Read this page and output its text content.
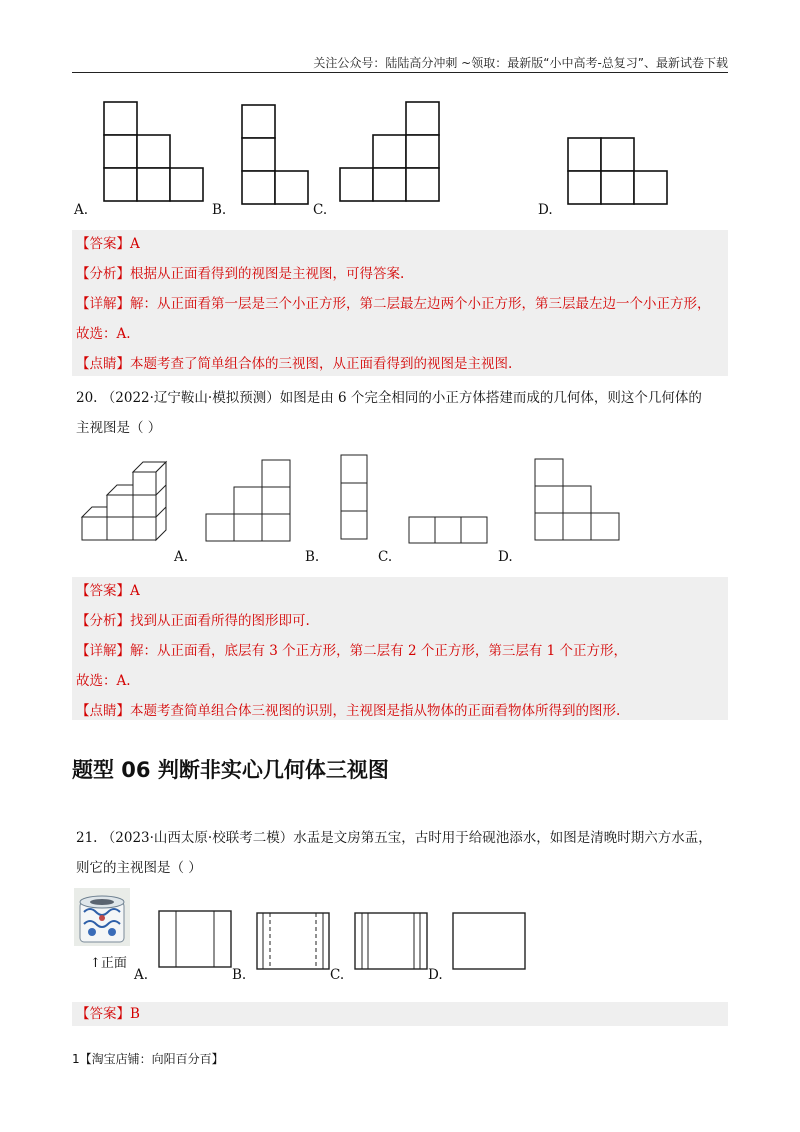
关注公众号：陆陆高分冲刺 ~领取：最新版“小中高考-总复习”、最新试卷下载
A.	B.	C.	D.
【答案】A
【分析】根据从正面看得到的视图是主视图，可得答案.
【详解】解：从正面看第一层是三个小正方形，第二层最左边两个小正方形，第三层最左边一个小正方形，
故选：A.
【点睛】本题考查了简单组合体的三视图，从正面看得到的视图是主视图.
20. （2022·辽宁鞍山·模拟预测）如图是由 6 个完全相同的小正方体搭建而成的几何体，则这个几何体的
主视图是（ ）
A.	B.	C.	D.
【答案】A
【分析】找到从正面看所得的图形即可.
【详解】解：从正面看，底层有 3 个正方形，第二层有 2 个正方形，第三层有 1 个正方形，
故选：A.
【点睛】本题考查简单组合体三视图的识别，主视图是指从物体的正面看物体所得到的图形.
题型 06 判断非实心几何体三视图
21. （2023·山西太原·校联考二模）水盂是文房第五宝，古时用于给砚池添水，如图是清晚时期六方水盂，
则它的主视图是（ ）
↑正面
A.	B.	C.	D.
【答案】B
1【淘宝店铺：向阳百分百】
